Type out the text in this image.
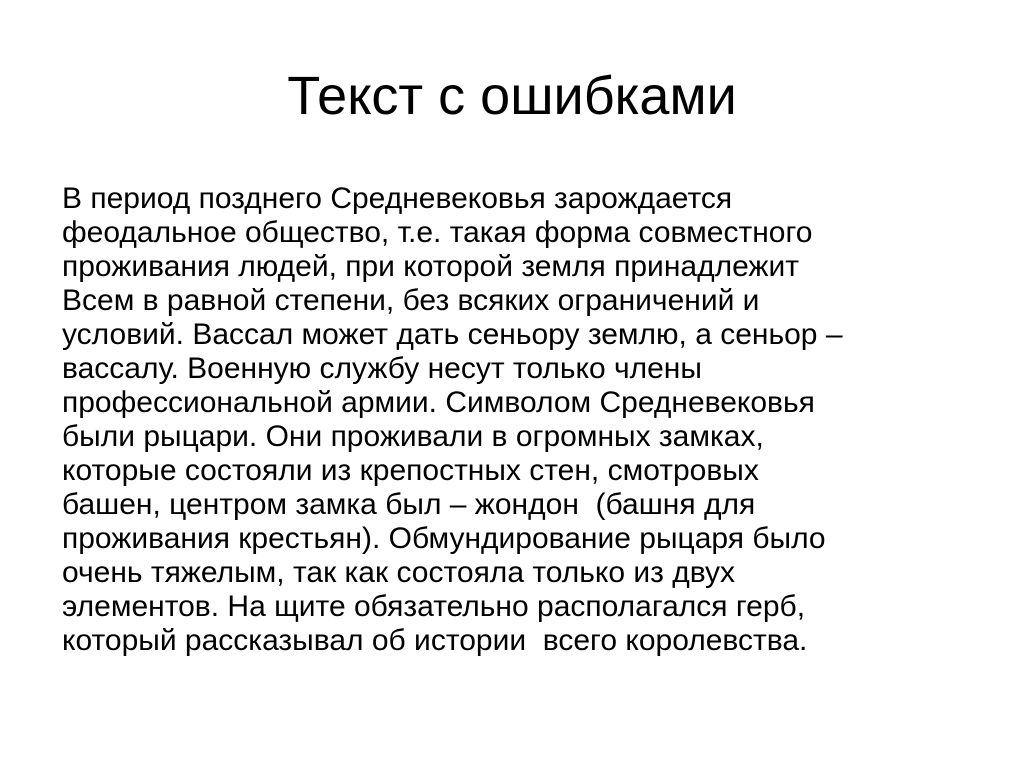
Текст с ошибками
В период позднего Средневековья зарождается
феодальное общество, т.е. такая форма совместного
проживания людей, при которой земля принадлежит
Всем в равной степени, без всяких ограничений и
условий. Вассал может дать сеньору землю, а сеньор –
вассалу. Военную службу несут только члены
профессиональной армии. Символом Средневековья
были рыцари. Они проживали в огромных замках,
которые состояли из крепостных стен, смотровых
башен, центром замка был – жондон  (башня для
проживания крестьян). Обмундирование рыцаря было
очень тяжелым, так как состояла только из двух
элементов. На щите обязательно располагался герб,
который рассказывал об истории  всего королевства.
